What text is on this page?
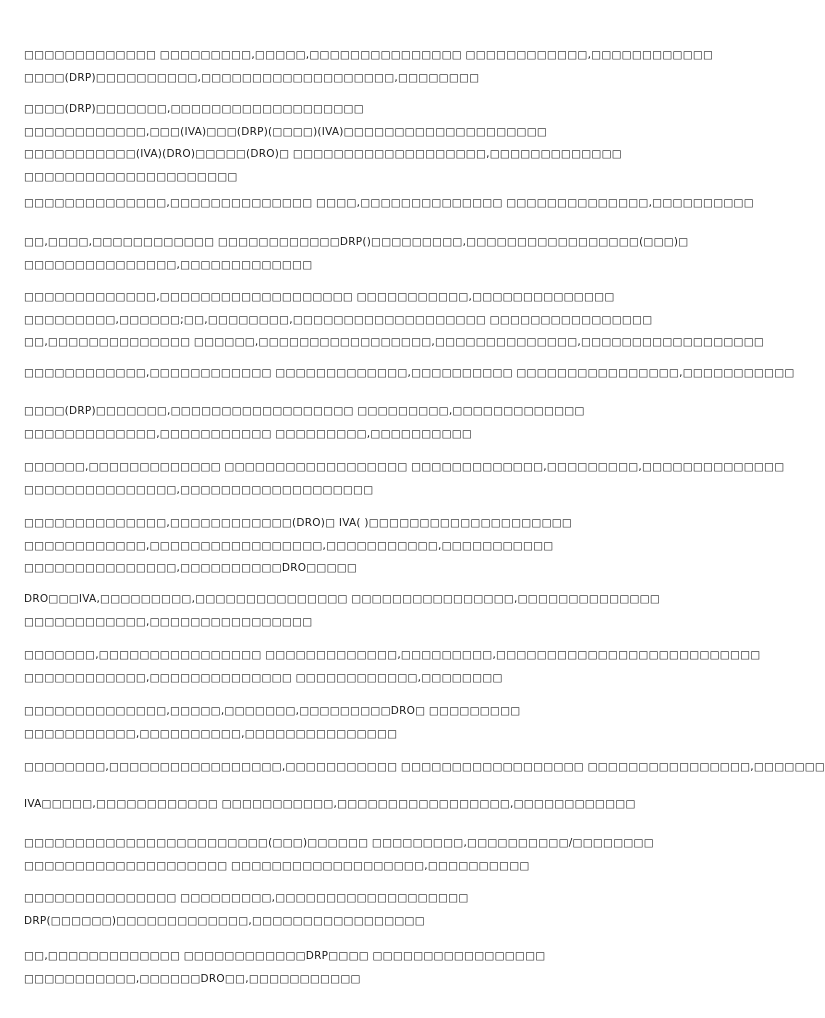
□□□□□□□□□□□□□ □□□□□□□□□,□□□□□,□□□□□□□□□□□□□□□ □□□□□□□□□□□□,□□□□□□□□□□□□
□□□□(DRP)□□□□□□□□□□,□□□□□□□□□□□□□□□□□□□,□□□□□□□□
□□□□(DRP)□□□□□□□,□□□□□□□□□□□□□□□□□□□
□□□□□□□□□□□□,□□□(IVA)□□□(DRP)(□□□□)(IVA)□□□□□□□□□□□□□□□□□□□□
□□□□□□□□□□□(IVA)(DRO)□□□□□(DRO)□ □□□□□□□□□□□□□□□□□□□,□□□□□□□□□□□□□
□□□□□□□□□□□□□□□□□□□□□
□□□□□□□□□□□□□□,□□□□□□□□□□□□□□ □□□□,□□□□□□□□□□□□□□ □□□□□□□□□□□□□□,□□□□□□□□□□
□□,□□□□,□□□□□□□□□□□□ □□□□□□□□□□□□DRP()□□□□□□□□□,□□□□□□□□□□□□□□□□□(□□□)□
□□□□□□□□□□□□□□□,□□□□□□□□□□□□□
□□□□□□□□□□□□□,□□□□□□□□□□□□□□□□□□□ □□□□□□□□□□□,□□□□□□□□□□□□□□
□□□□□□□□□,□□□□□□;□□,□□□□□□□□,□□□□□□□□□□□□□□□□□□□ □□□□□□□□□□□□□□□□
□□,□□□□□□□□□□□□□□ □□□□□□,□□□□□□□□□□□□□□□□□,□□□□□□□□□□□□□□,□□□□□□□□□□□□□□□□□□
□□□□□□□□□□□□,□□□□□□□□□□□□ □□□□□□□□□□□□□,□□□□□□□□□□ □□□□□□□□□□□□□□□□,□□□□□□□□□□□
□□□□(DRP)□□□□□□□,□□□□□□□□□□□□□□□□□□ □□□□□□□□□,□□□□□□□□□□□□□
□□□□□□□□□□□□□,□□□□□□□□□□□ □□□□□□□□□,□□□□□□□□□□
□□□□□□,□□□□□□□□□□□□□ □□□□□□□□□□□□□□□□□□ □□□□□□□□□□□□□,□□□□□□□□□,□□□□□□□□□□□□□□
□□□□□□□□□□□□□□□,□□□□□□□□□□□□□□□□□□□
□□□□□□□□□□□□□□,□□□□□□□□□□□□(DRO)□ IVA( )□□□□□□□□□□□□□□□□□□□□
□□□□□□□□□□□□,□□□□□□□□□□□□□□□□□,□□□□□□□□□□□,□□□□□□□□□□□
□□□□□□□□□□□□□□□,□□□□□□□□□□DRO□□□□□
DRO□□□IVA,□□□□□□□□□,□□□□□□□□□□□□□□□ □□□□□□□□□□□□□□□□,□□□□□□□□□□□□□□
□□□□□□□□□□□□,□□□□□□□□□□□□□□□□
□□□□□□□,□□□□□□□□□□□□□□□□ □□□□□□□□□□□□□,□□□□□□□□□,□□□□□□□□□□□□□□□□□□□□□□□□□□
□□□□□□□□□□□□,□□□□□□□□□□□□□□ □□□□□□□□□□□□,□□□□□□□□
□□□□□□□□□□□□□□,□□□□□,□□□□□□□,□□□□□□□□□DRO□ □□□□□□□□□
□□□□□□□□□□□,□□□□□□□□□□,□□□□□□□□□□□□□□□
□□□□□□□□,□□□□□□□□□□□□□□□□□,□□□□□□□□□□□ □□□□□□□□□□□□□□□□□□ □□□□□□□□□□□□□□□□,□□□□□□□
IVA□□□□□,□□□□□□□□□□□□ □□□□□□□□□□□,□□□□□□□□□□□□□□□□□,□□□□□□□□□□□□
□□□□□□□□□□□□□□□□□□□□□□□□(□□□)□□□□□□ □□□□□□□□□,□□□□□□□□□□/□□□□□□□□
□□□□□□□□□□□□□□□□□□□□ □□□□□□□□□□□□□□□□□□□,□□□□□□□□□□
□□□□□□□□□□□□□□□ □□□□□□□□□,□□□□□□□□□□□□□□□□□□□
DRP(□□□□□□)□□□□□□□□□□□□□,□□□□□□□□□□□□□□□□□
□□,□□□□□□□□□□□□□ □□□□□□□□□□□□DRP□□□□ □□□□□□□□□□□□□□□□□
□□□□□□□□□□□,□□□□□□DRO□□,□□□□□□□□□□□
